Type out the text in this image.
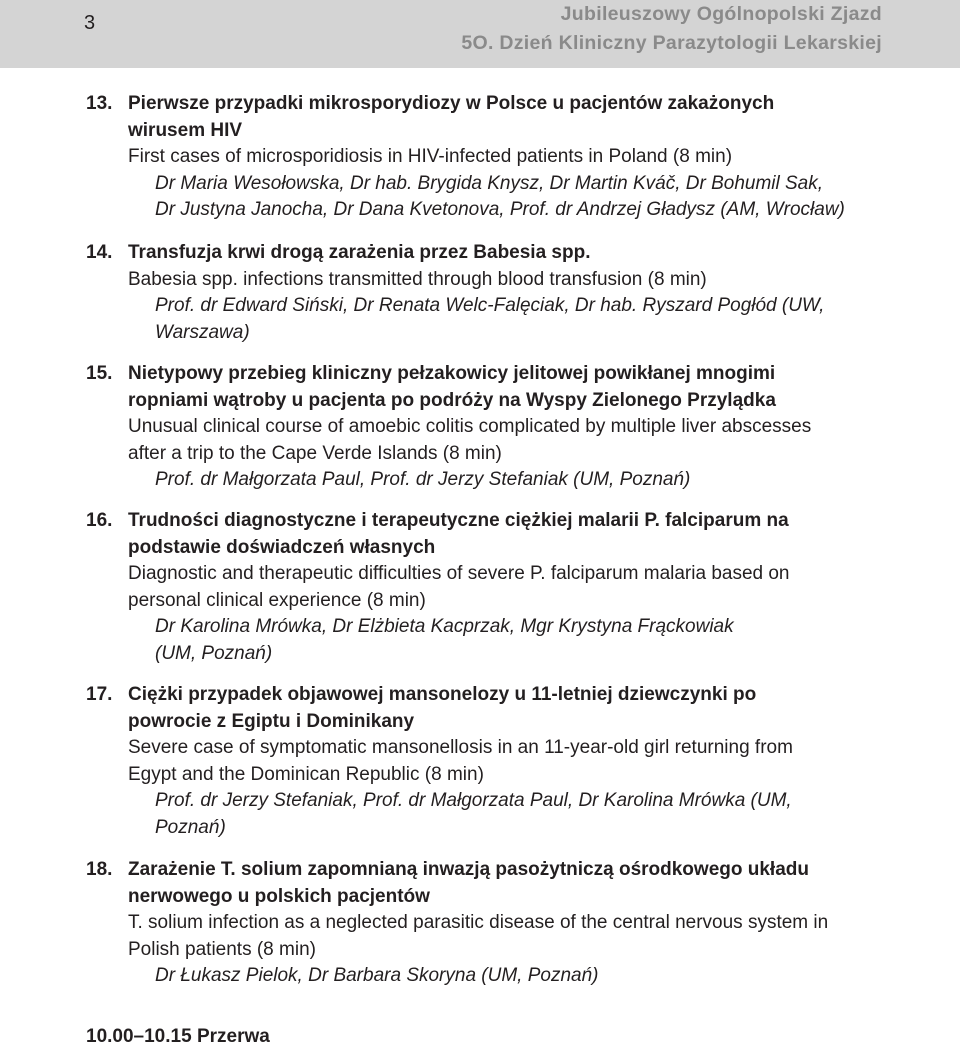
3	Jubileuszowy Ogólnopolski Zjazd
5O. Dzień Kliniczny Parazytologii Lekarskiej
13. Pierwsze przypadki mikrosporydiozy w Polsce u pacjentów zakażonych
wirusem HIV
First cases of microsporidiosis in HIV-infected patients in Poland (8 min)
Dr Maria Wesołowska, Dr hab. Brygida Knysz, Dr Martin Kváč, Dr Bohumil Sak,
Dr Justyna Janocha, Dr Dana Kvetonova, Prof. dr Andrzej Gładysz (AM, Wrocław)
14. Transfuzja krwi drogą zarażenia przez Babesia spp.
Babesia spp. infections transmitted through blood transfusion (8 min)
Prof. dr Edward Siński, Dr Renata Welc-Falęciak, Dr hab. Ryszard Pogłód (UW,
Warszawa)
15. Nietypowy przebieg kliniczny pełzakowicy jelitowej powikłanej mnogimi
ropniami wątroby u pacjenta po podróży na Wyspy Zielonego Przylądka
Unusual clinical course of amoebic colitis complicated by multiple liver abscesses
after a trip to the Cape Verde Islands (8 min)
Prof. dr Małgorzata Paul, Prof. dr Jerzy Stefaniak (UM, Poznań)
16. Trudności diagnostyczne i terapeutyczne ciężkiej malarii P. falciparum na
podstawie doświadczeń własnych
Diagnostic and therapeutic difficulties of severe P. falciparum malaria based on
personal clinical experience (8 min)
Dr Karolina Mrówka, Dr Elżbieta Kacprzak, Mgr Krystyna Frąckowiak
(UM, Poznań)
17. Ciężki przypadek objawowej mansonelozy u 11-letniej dziewczynki po
powrocie z Egiptu i Dominikany
Severe case of symptomatic mansonellosis in an 11-year-old girl returning from
Egypt and the Dominican Republic (8 min)
Prof. dr Jerzy Stefaniak, Prof. dr Małgorzata Paul, Dr Karolina Mrówka (UM,
Poznań)
18. Zarażenie T. solium zapomnianą inwazją pasożytniczą ośrodkowego układu
nerwowego u polskich pacjentów
T. solium infection as a neglected parasitic disease of the central nervous system in
Polish patients (8 min)
Dr Łukasz Pielok, Dr Barbara Skoryna (UM, Poznań)
10.00–10.15 Przerwa
